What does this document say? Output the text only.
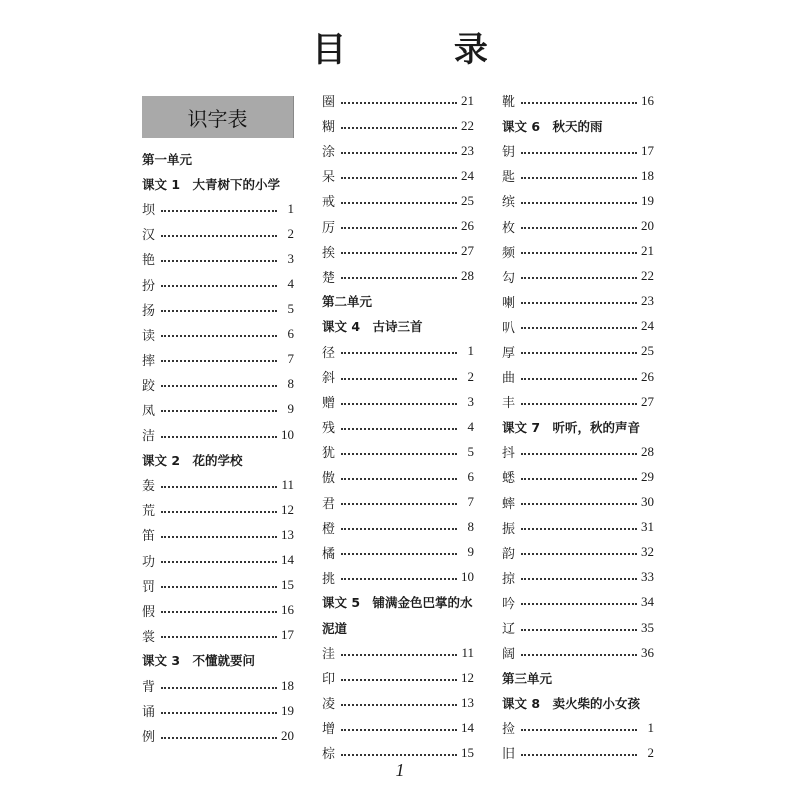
目 录
识字表
第一单元
课文 1　大青树下的小学
坝	1
汉	2
艳	3
扮	4
扬	5
读	6
摔	7
跤	8
凤	9
洁	10
课文 2　花的学校
轰	11
荒	12
笛	13
功	14
罚	15
假	16
裳	17
课文 3　不懂就要问
背	18
诵	19
例	20
圈	21
糊	22
涂	23
呆	24
戒	25
厉	26
挨	27
楚	28
第二单元
课文 4　古诗三首
径	1
斜	2
赠	3
残	4
犹	5
傲	6
君	7
橙	8
橘	9
挑	10
课文 5　铺满金色巴掌的水
泥道
洼	11
印	12
凌	13
增	14
棕	15
靴	16
课文 6　秋天的雨
钥	17
匙	18
缤	19
枚	20
频	21
勾	22
喇	23
叭	24
厚	25
曲	26
丰	27
课文 7　听听，秋的声音
抖	28
蟋	29
蟀	30
振	31
韵	32
掠	33
吟	34
辽	35
阔	36
第三单元
课文 8　卖火柴的小女孩
捡	1
旧	2
1
